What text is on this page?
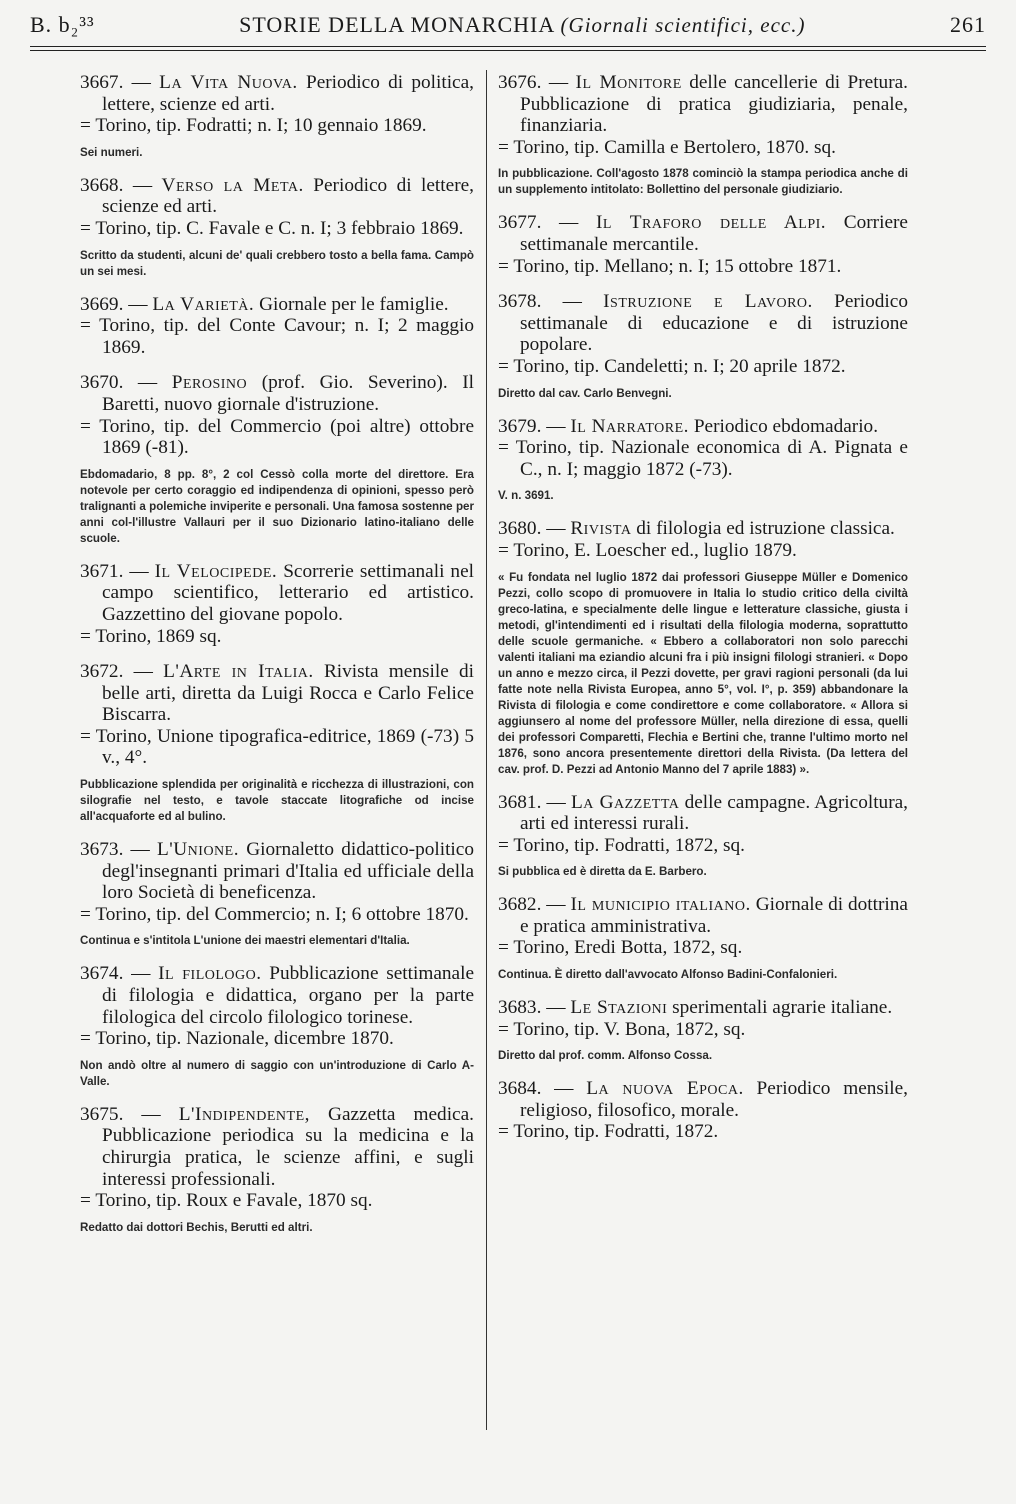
B. b₂³³	STORIE DELLA MONARCHIA (Giornali scientifici, ecc.)	261
3667. — La Vita Nuova. Periodico di politica, lettere, scienze ed arti.
= Torino, tip. Fodratti; n. I; 10 gennaio 1869.
Sei numeri.
3668. — Verso la Meta. Periodico di lettere, scienze ed arti.
= Torino, tip. C. Favale e C. n. I; 3 febbraio 1869.
Scritto da studenti, alcuni de' quali crebbero tosto a bella fama. Campò un sei mesi.
3669. — La Varietà. Giornale per le famiglie.
= Torino, tip. del Conte Cavour; n. I; 2 maggio 1869.
3670. — Perosino (prof. Gio. Severino). Il Baretti, nuovo giornale d'istruzione.
= Torino, tip. del Commercio (poi altre) ottobre 1869 (-81).
Ebdomadario, 8 pp. 8°, 2 col Cessò colla morte del direttore. Era notevole per certo coraggio ed indipendenza di opinioni, spesso però tralignanti a polemiche inviperite e personali. Una famosa sostenne per anni col-l'illustre Vallauri per il suo Dizionario latino-italiano delle scuole.
3671. — Il Velocipede. Scorrerie settimanali nel campo scientifico, letterario ed artistico. Gazzettino del giovane popolo.
= Torino, 1869 sq.
3672. — L'Arte in Italia. Rivista mensile di belle arti, diretta da Luigi Rocca e Carlo Felice Biscarra.
= Torino, Unione tipografica-editrice, 1869 (-73) 5 v., 4°.
Pubblicazione splendida per originalità e ricchezza di illustrazioni, con silografie nel testo, e tavole staccate litografiche od incise all'acquaforte ed al bulino.
3673. — L'Unione. Giornaletto didattico-politico degl'insegnanti primari d'Italia ed ufficiale della loro Società di beneficenza.
= Torino, tip. del Commercio; n. I; 6 ottobre 1870.
Continua e s'intitola L'unione dei maestri elementari d'Italia.
3674. — Il filologo. Pubblicazione settimanale di filologia e didattica, organo per la parte filologica del circolo filologico torinese.
= Torino, tip. Nazionale, dicembre 1870.
Non andò oltre al numero di saggio con un'introduzione di Carlo A-Valle.
3675. — L'Indipendente, Gazzetta medica. Pubblicazione periodica su la medicina e la chirurgia pratica, le scienze affini, e sugli interessi professionali.
= Torino, tip. Roux e Favale, 1870 sq.
Redatto dai dottori Bechis, Berutti ed altri.
3676. — Il Monitore delle cancellerie di Pretura. Pubblicazione di pratica giudiziaria, penale, finanziaria.
= Torino, tip. Camilla e Bertolero, 1870. sq.
In pubblicazione. Coll'agosto 1878 cominciò la stampa periodica anche di un supplemento intitolato: Bollettino del personale giudiziario.
3677. — Il Traforo delle Alpi. Corriere settimanale mercantile.
= Torino, tip. Mellano; n. I; 15 ottobre 1871.
3678. — Istruzione e Lavoro. Periodico settimanale di educazione e di istruzione popolare.
= Torino, tip. Candeletti; n. I; 20 aprile 1872.
Diretto dal cav. Carlo Benvegni.
3679. — Il Narratore. Periodico ebdomadario.
= Torino, tip. Nazionale economica di A. Pignata e C., n. I; maggio 1872 (-73).
V. n. 3691.
3680. — Rivista di filologia ed istruzione classica.
= Torino, E. Loescher ed., luglio 1879.
« Fu fondata nel luglio 1872 dai professori Giuseppe Müller e Domenico Pezzi, collo scopo di promuovere in Italia lo studio critico della civiltà greco-latina, e specialmente delle lingue e letterature classiche, giusta i metodi, gl'intendimenti ed i risultati della filologia moderna, soprattutto delle scuole germaniche. « Ebbero a collaboratori non solo parecchi valenti italiani ma eziandio alcuni fra i più insigni filologi stranieri. « Dopo un anno e mezzo circa, il Pezzi dovette, per gravi ragioni personali (da lui fatte note nella Rivista Europea, anno 5°, vol. I°, p. 359) abbandonare la Rivista di filologia e come condirettore e come collaboratore. « Allora si aggiunsero al nome del professore Müller, nella direzione di essa, quelli dei professori Comparetti, Flechia e Bertini che, tranne l'ultimo morto nel 1876, sono ancora presentemente direttori della Rivista. (Da lettera del cav. prof. D. Pezzi ad Antonio Manno del 7 aprile 1883) ».
3681. — La Gazzetta delle campagne. Agricoltura, arti ed interessi rurali.
= Torino, tip. Fodratti, 1872, sq.
Si pubblica ed è diretta da E. Barbero.
3682. — Il municipio italiano. Giornale di dottrina e pratica amministrativa.
= Torino, Eredi Botta, 1872, sq.
Continua. È diretto dall'avvocato Alfonso Badini-Confalonieri.
3683. — Le Stazioni sperimentali agrarie italiane.
= Torino, tip. V. Bona, 1872, sq.
Diretto dal prof. comm. Alfonso Cossa.
3684. — La nuova Epoca. Periodico mensile, religioso, filosofico, morale.
= Torino, tip. Fodratti, 1872.
